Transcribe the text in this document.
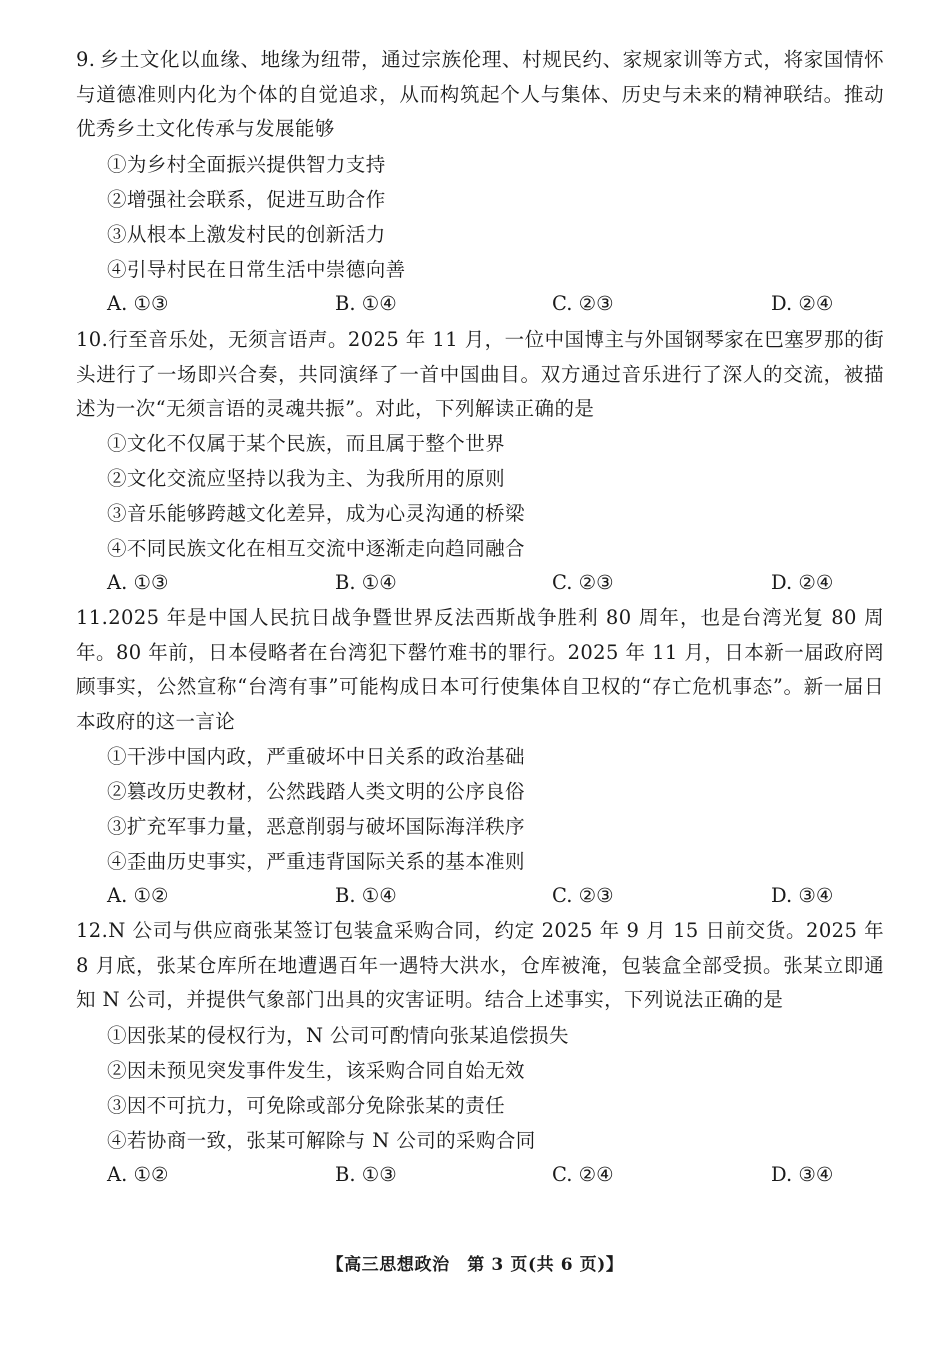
9. 乡土文化以血缘、地缘为纽带，通过宗族伦理、村规民约、家规家训等方式，将家国情怀与道德准则内化为个体的自觉追求，从而构筑起个人与集体、历史与未来的精神联结。推动优秀乡土文化传承与发展能够
①为乡村全面振兴提供智力支持
②增强社会联系，促进互助合作
③从根本上激发村民的创新活力
④引导村民在日常生活中崇德向善
A. ①③	B. ①④	C. ②③	D. ②④
10.行至音乐处，无须言语声。2025 年 11 月，一位中国博主与外国钢琴家在巴塞罗那的街头进行了一场即兴合奏，共同演绎了一首中国曲目。双方通过音乐进行了深人的交流，被描述为一次“无须言语的灵魂共振”。对此，下列解读正确的是
①文化不仅属于某个民族，而且属于整个世界
②文化交流应坚持以我为主、为我所用的原则
③音乐能够跨越文化差异，成为心灵沟通的桥梁
④不同民族文化在相互交流中逐渐走向趋同融合
A. ①③	B. ①④	C. ②③	D. ②④
11.2025 年是中国人民抗日战争暨世界反法西斯战争胜利 80 周年，也是台湾光复 80 周年。80 年前，日本侵略者在台湾犯下罄竹难书的罪行。2025 年 11 月，日本新一届政府罔顾事实，公然宣称“台湾有事”可能构成日本可行使集体自卫权的“存亡危机事态”。新一届日本政府的这一言论
①干涉中国内政，严重破坏中日关系的政治基础
②篡改历史教材，公然践踏人类文明的公序良俗
③扩充军事力量，恶意削弱与破坏国际海洋秩序
④歪曲历史事实，严重违背国际关系的基本准则
A. ①②	B. ①④	C. ②③	D. ③④
12.N 公司与供应商张某签订包装盒采购合同，约定 2025 年 9 月 15 日前交货。2025 年 8 月底，张某仓库所在地遭遇百年一遇特大洪水，仓库被淹，包装盒全部受损。张某立即通知 N 公司，并提供气象部门出具的灾害证明。结合上述事实，下列说法正确的是
①因张某的侵权行为，N 公司可酌情向张某追偿损失
②因未预见突发事件发生，该采购合同自始无效
③因不可抗力，可免除或部分免除张某的责任
④若协商一致，张某可解除与 N 公司的采购合同
A. ①②	B. ①③	C. ②④	D. ③④
【高三思想政治　第 3 页(共 6 页)】
